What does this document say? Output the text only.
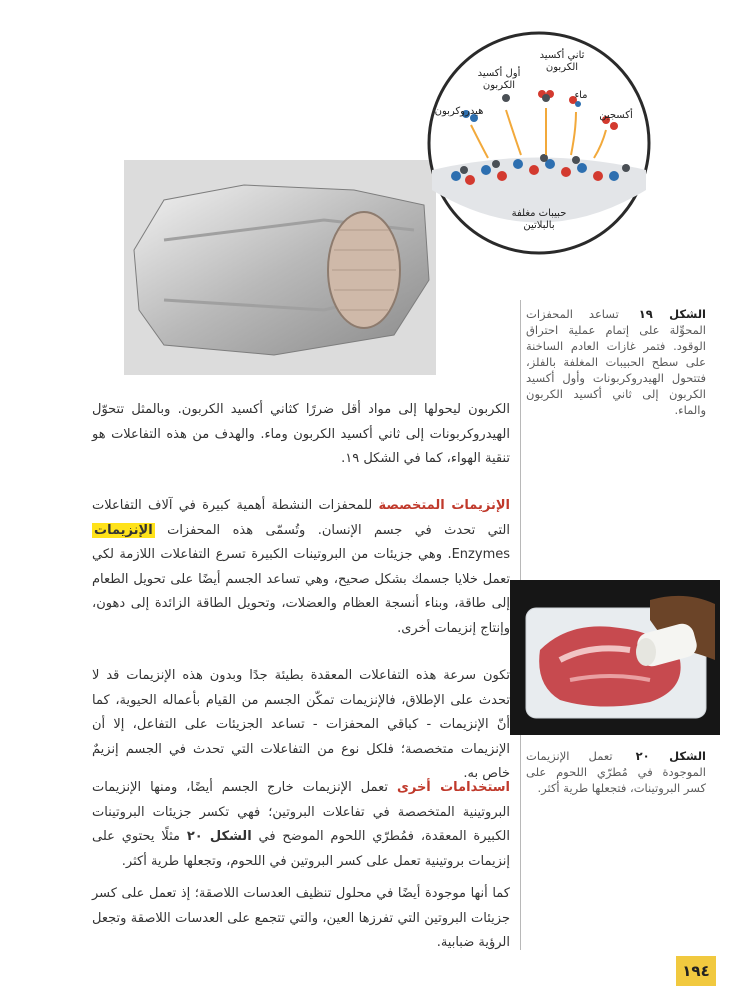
ثاني أكسيد الكربون
أول أكسيد الكربون
ماء
هيدروكربون	أكسجين
حبيبات مغلفة بالبلاتين
الشكل ١٩ تساعد المحفزات المحوِّلة على إتمام عملية احتراق الوقود. فتمر غازات العادم الساخنة على سطح الحبيبات المغلفة بالفلز، فتتحول الهيدروكربونات وأول أكسيد الكربون إلى ثاني أكسيد الكربون والماء.
الكربون ليحولها إلى مواد أقل ضررًا كثاني أكسيد الكربون. وبالمثل تتحوّل الهيدروكربونات إلى ثاني أكسيد الكربون وماء. والهدف من هذه التفاعلات هو تنقية الهواء، كما في الشكل ١٩.
الإنزيمات المتخصصة للمحفزات النشطة أهمية كبيرة في آلاف التفاعلات التي تحدث في جسم الإنسان. وتُسمّى هذه المحفزات الإنزيمات Enzymes. وهي جزيئات من البروتينات الكبيرة تسرع التفاعلات اللازمة لكي تعمل خلايا جسمك بشكل صحيح، وهي تساعد الجسم أيضًا على تحويل الطعام إلى طاقة، وبناء أنسجة العظام والعضلات، وتحويل الطاقة الزائدة إلى دهون، وإنتاج إنزيمات أخرى.
تكون سرعة هذه التفاعلات المعقدة بطيئة جدًا وبدون هذه الإنزيمات قد لا تحدث على الإطلاق، فالإنزيمات تمكّن الجسم من القيام بأعماله الحيوية، كما أنّ الإنزيمات - كباقي المحفزات - تساعد الجزيئات على التفاعل، إلا أن الإنزيمات متخصصة؛ فلكل نوع من التفاعلات التي تحدث في الجسم إنزيمٌ خاص به.
استخدامات أخرى تعمل الإنزيمات خارج الجسم أيضًا، ومنها الإنزيمات البروتينية المتخصصة في تفاعلات البروتين؛ فهي تكسر جزيئات البروتينات الكبيرة المعقدة، فمُطرّي اللحوم الموضح في الشكل ٢٠ مثلًا يحتوي على إنزيمات بروتينية تعمل على كسر البروتين في اللحوم، وتجعلها طرية أكثر.
كما أنها موجودة أيضًا في محلول تنظيف العدسات اللاصقة؛ إذ تعمل على كسر جزيئات البروتين التي تفرزها العين، والتي تتجمع على العدسات اللاصقة وتجعل الرؤية ضبابية.
الشكل ٢٠ تعمل الإنزيمات الموجودة في مُطرّي اللحوم على كسر البروتينات، فتجعلها طرية أكثر.
١٩٤
